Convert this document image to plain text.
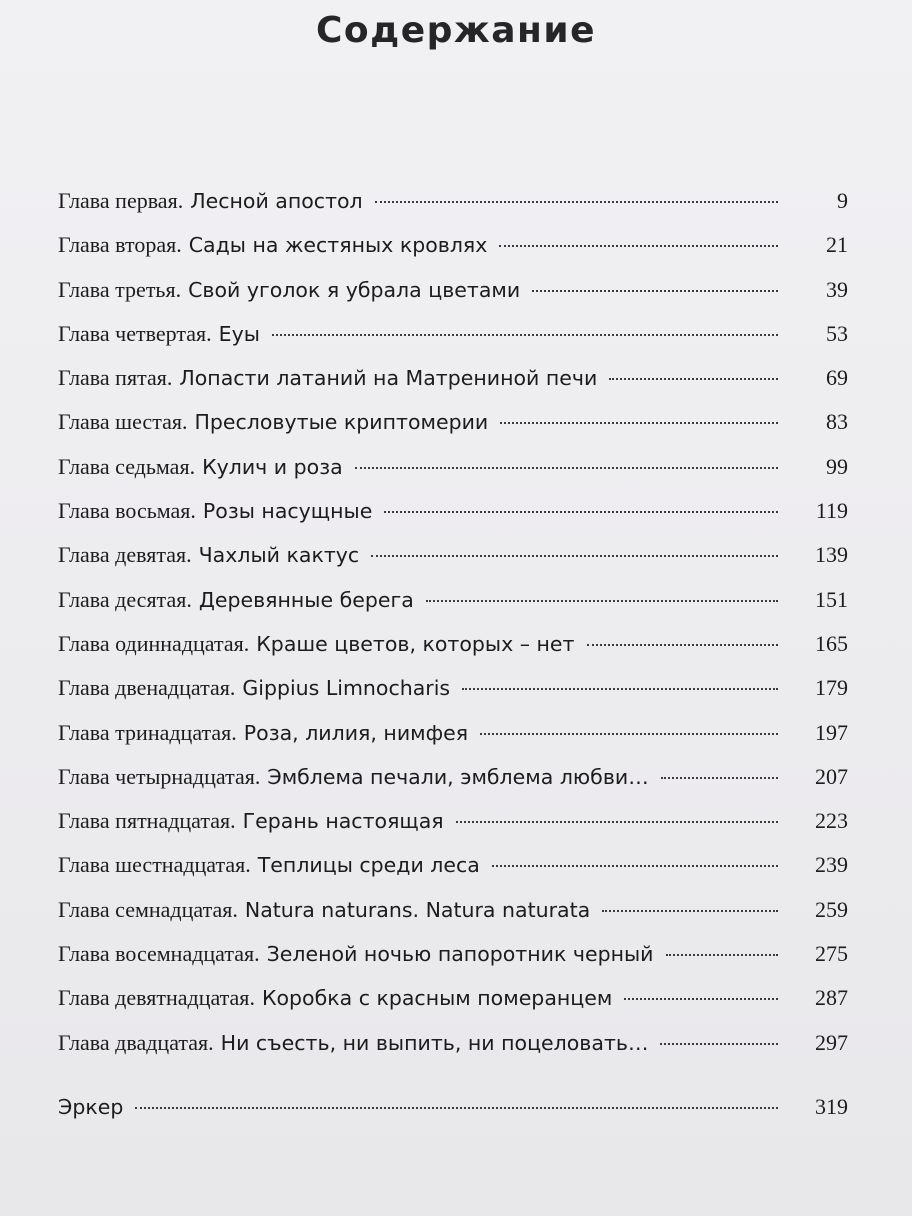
Содержание
Глава первая . Лесной апостол	9
Глава вторая . Сады на жестяных кровлях	21
Глава третья . Свой уголок я убрала цветами	39
Глава четвертая . Еуы	53
Глава пятая . Лопасти латаний на Матрениной печи	69
Глава шестая . Пресловутые криптомерии	83
Глава седьмая . Кулич и роза	99
Глава восьмая . Розы насущные	119
Глава девятая . Чахлый кактус	139
Глава десятая . Деревянные берега	151
Глава одиннадцатая . Краше цветов, которых – нет	165
Глава двенадцатая . Gippius Limnocharis	179
Глава тринадцатая . Роза, лилия, нимфея	197
Глава четырнадцатая . Эмблема печали, эмблема любви…	207
Глава пятнадцатая . Герань настоящая	223
Глава шестнадцатая . Теплицы среди леса	239
Глава семнадцатая . Natura naturans. Natura naturata	259
Глава восемнадцатая . Зеленой ночью папоротник черный	275
Глава девятнадцатая . Коробка с красным померанцем	287
Глава двадцатая . Ни съесть, ни выпить, ни поцеловать…	297
Эркер	319
